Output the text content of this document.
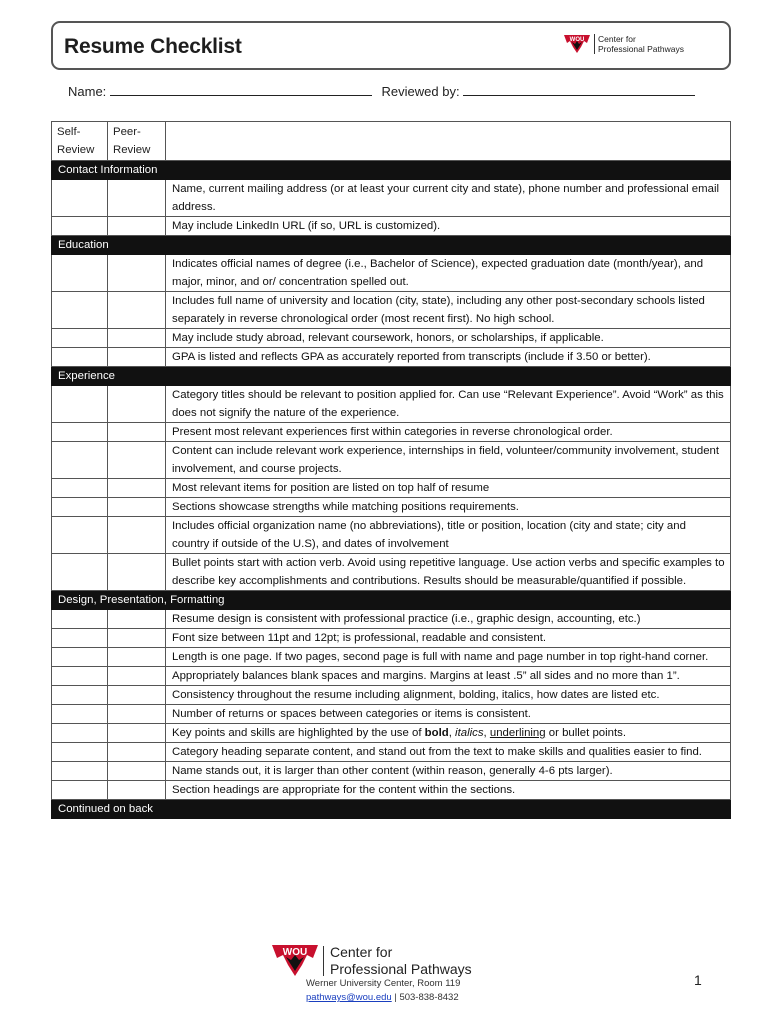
Resume Checklist	WOU Center for
Professional Pathways
Name:	Reviewed by:
Self-Review	Peer-Review	
Contact Information		
		Name, current mailing address (or at least your current city and state), phone number and professional email address.
		May include LinkedIn URL (if so, URL is customized).
Education		
		Indicates official names of degree (i.e., Bachelor of Science), expected graduation date (month/year), and major, minor, and or/ concentration spelled out.
		Includes full name of university and location (city, state), including any other post-secondary schools listed separately in reverse chronological order (most recent first). No high school.
		May include study abroad, relevant coursework, honors, or scholarships, if applicable.
		GPA is listed and reflects GPA as accurately reported from transcripts (include if 3.50 or better).
Experience		
		Category titles should be relevant to position applied for. Can use “Relevant Experience”. Avoid “Work” as this does not signify the nature of the experience.
		Present most relevant experiences first within categories in reverse chronological order.
		Content can include relevant work experience, internships in field, volunteer/community involvement, student involvement, and course projects.
		Most relevant items for position are listed on top half of resume
		Sections showcase strengths while matching positions requirements.
		Includes official organization name (no abbreviations), title or position, location (city and state; city and country if outside of the U.S), and dates of involvement
		Bullet points start with action verb. Avoid using repetitive language. Use action verbs and specific examples to describe key accomplishments and contributions. Results should be measurable/quantified if possible.
Design, Presentation, Formatting		
		Resume design is consistent with professional practice (i.e., graphic design, accounting, etc.)
		Font size between 11pt and 12pt; is professional, readable and consistent.
		Length is one page. If two pages, second page is full with name and page number in top right-hand corner.
		Appropriately balances blank spaces and margins. Margins at least .5” all sides and no more than 1”.
		Consistency throughout the resume including alignment, bolding, italics, how dates are listed etc.
		Number of returns or spaces between categories or items is consistent.
		Key points and skills are highlighted by the use of bold, italics, underlining or bullet points.
		Category heading separate content, and stand out from the text to make skills and qualities easier to find.
		Name stands out, it is larger than other content (within reason, generally 4-6 pts larger).
		Section headings are appropriate for the content within the sections.
Continued on back		
WOU Center for
Professional Pathways
Werner University Center, Room 119
pathways@wou.edu | 503-838-8432
1
